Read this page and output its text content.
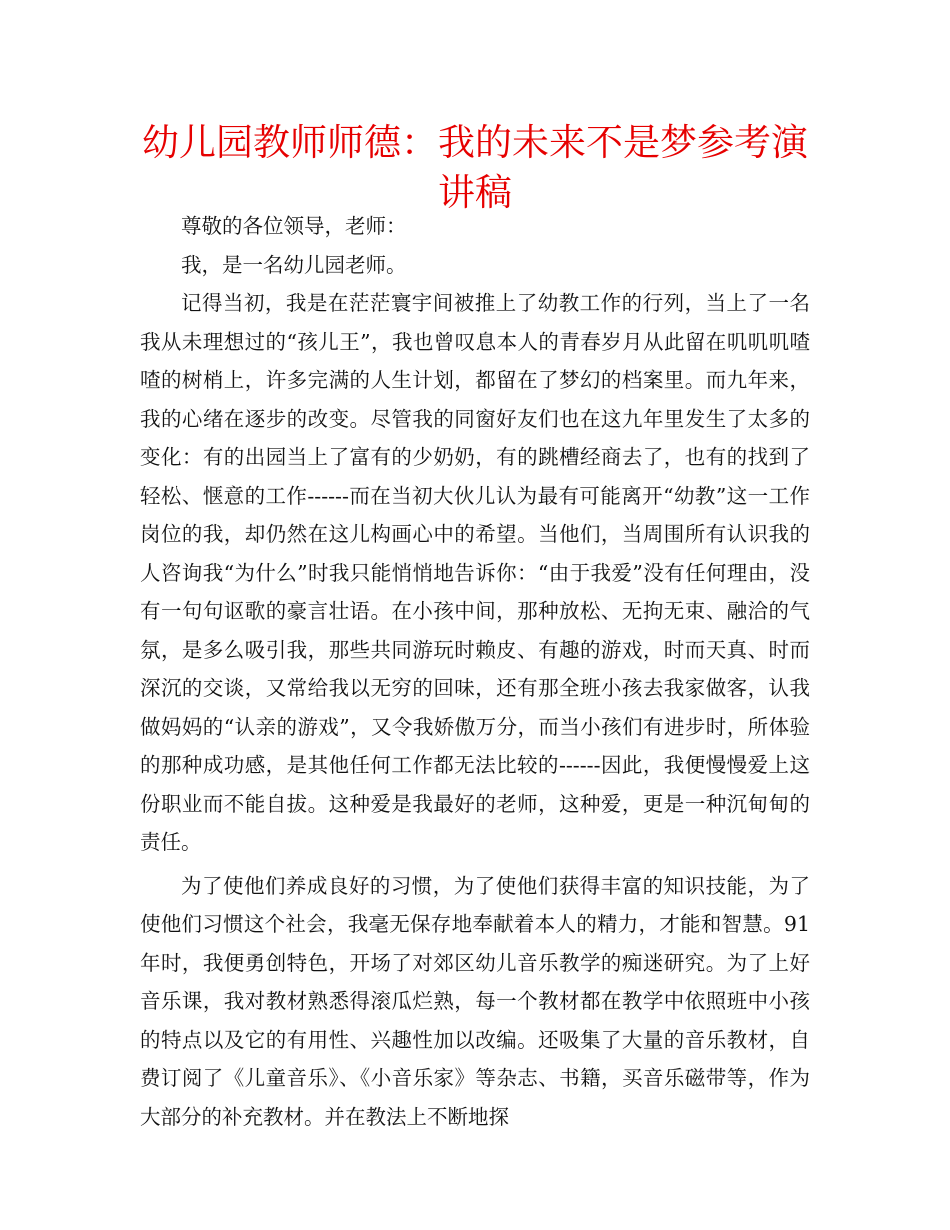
幼儿园教师师德：我的未来不是梦参考演讲稿

尊敬的各位领导，老师：

我，是一名幼儿园老师。

记得当初，我是在茫茫寰宇间被推上了幼教工作的行列，当上了一名我从未理想过的“孩儿王”，我也曾叹息本人的青春岁月从此留在叽叽叽喳喳的树梢上，许多完满的人生计划，都留在了梦幻的档案里。而九年来，我的心绪在逐步的改变。尽管我的同窗好友们也在这九年里发生了太多的变化：有的出园当上了富有的少奶奶，有的跳槽经商去了，也有的找到了轻松、惬意的工作------而在当初大伙儿认为最有可能离开“幼教”这一工作岗位的我，却仍然在这儿构画心中的希望。当他们，当周围所有认识我的人咨询我“为什么”时我只能悄悄地告诉你：“由于我爱”没有任何理由，没有一句句讴歌的豪言壮语。在小孩中间，那种放松、无拘无束、融洽的气氛，是多么吸引我，那些共同游玩时赖皮、有趣的游戏，时而天真、时而深沉的交谈，又常给我以无穷的回味，还有那全班小孩去我家做客，认我做妈妈的“认亲的游戏”，又令我娇傲万分，而当小孩们有进步时，所体验的那种成功感，是其他任何工作都无法比较的------因此，我便慢慢爱上这份职业而不能自拔。这种爱是我最好的老师，这种爱，更是一种沉甸甸的责任。

为了使他们养成良好的习惯，为了使他们获得丰富的知识技能，为了使他们习惯这个社会，我毫无保存地奉献着本人的精力，才能和智慧。91年时，我便勇创特色，开场了对郊区幼儿音乐教学的痴迷研究。为了上好音乐课，我对教材熟悉得滚瓜烂熟，每一个教材都在教学中依照班中小孩的特点以及它的有用性、兴趣性加以改编。还吸集了大量的音乐教材，自费订阅了《儿童音乐》、《小音乐家》等杂志、书籍，买音乐磁带等，作为大部分的补充教材。并在教法上不断地探
